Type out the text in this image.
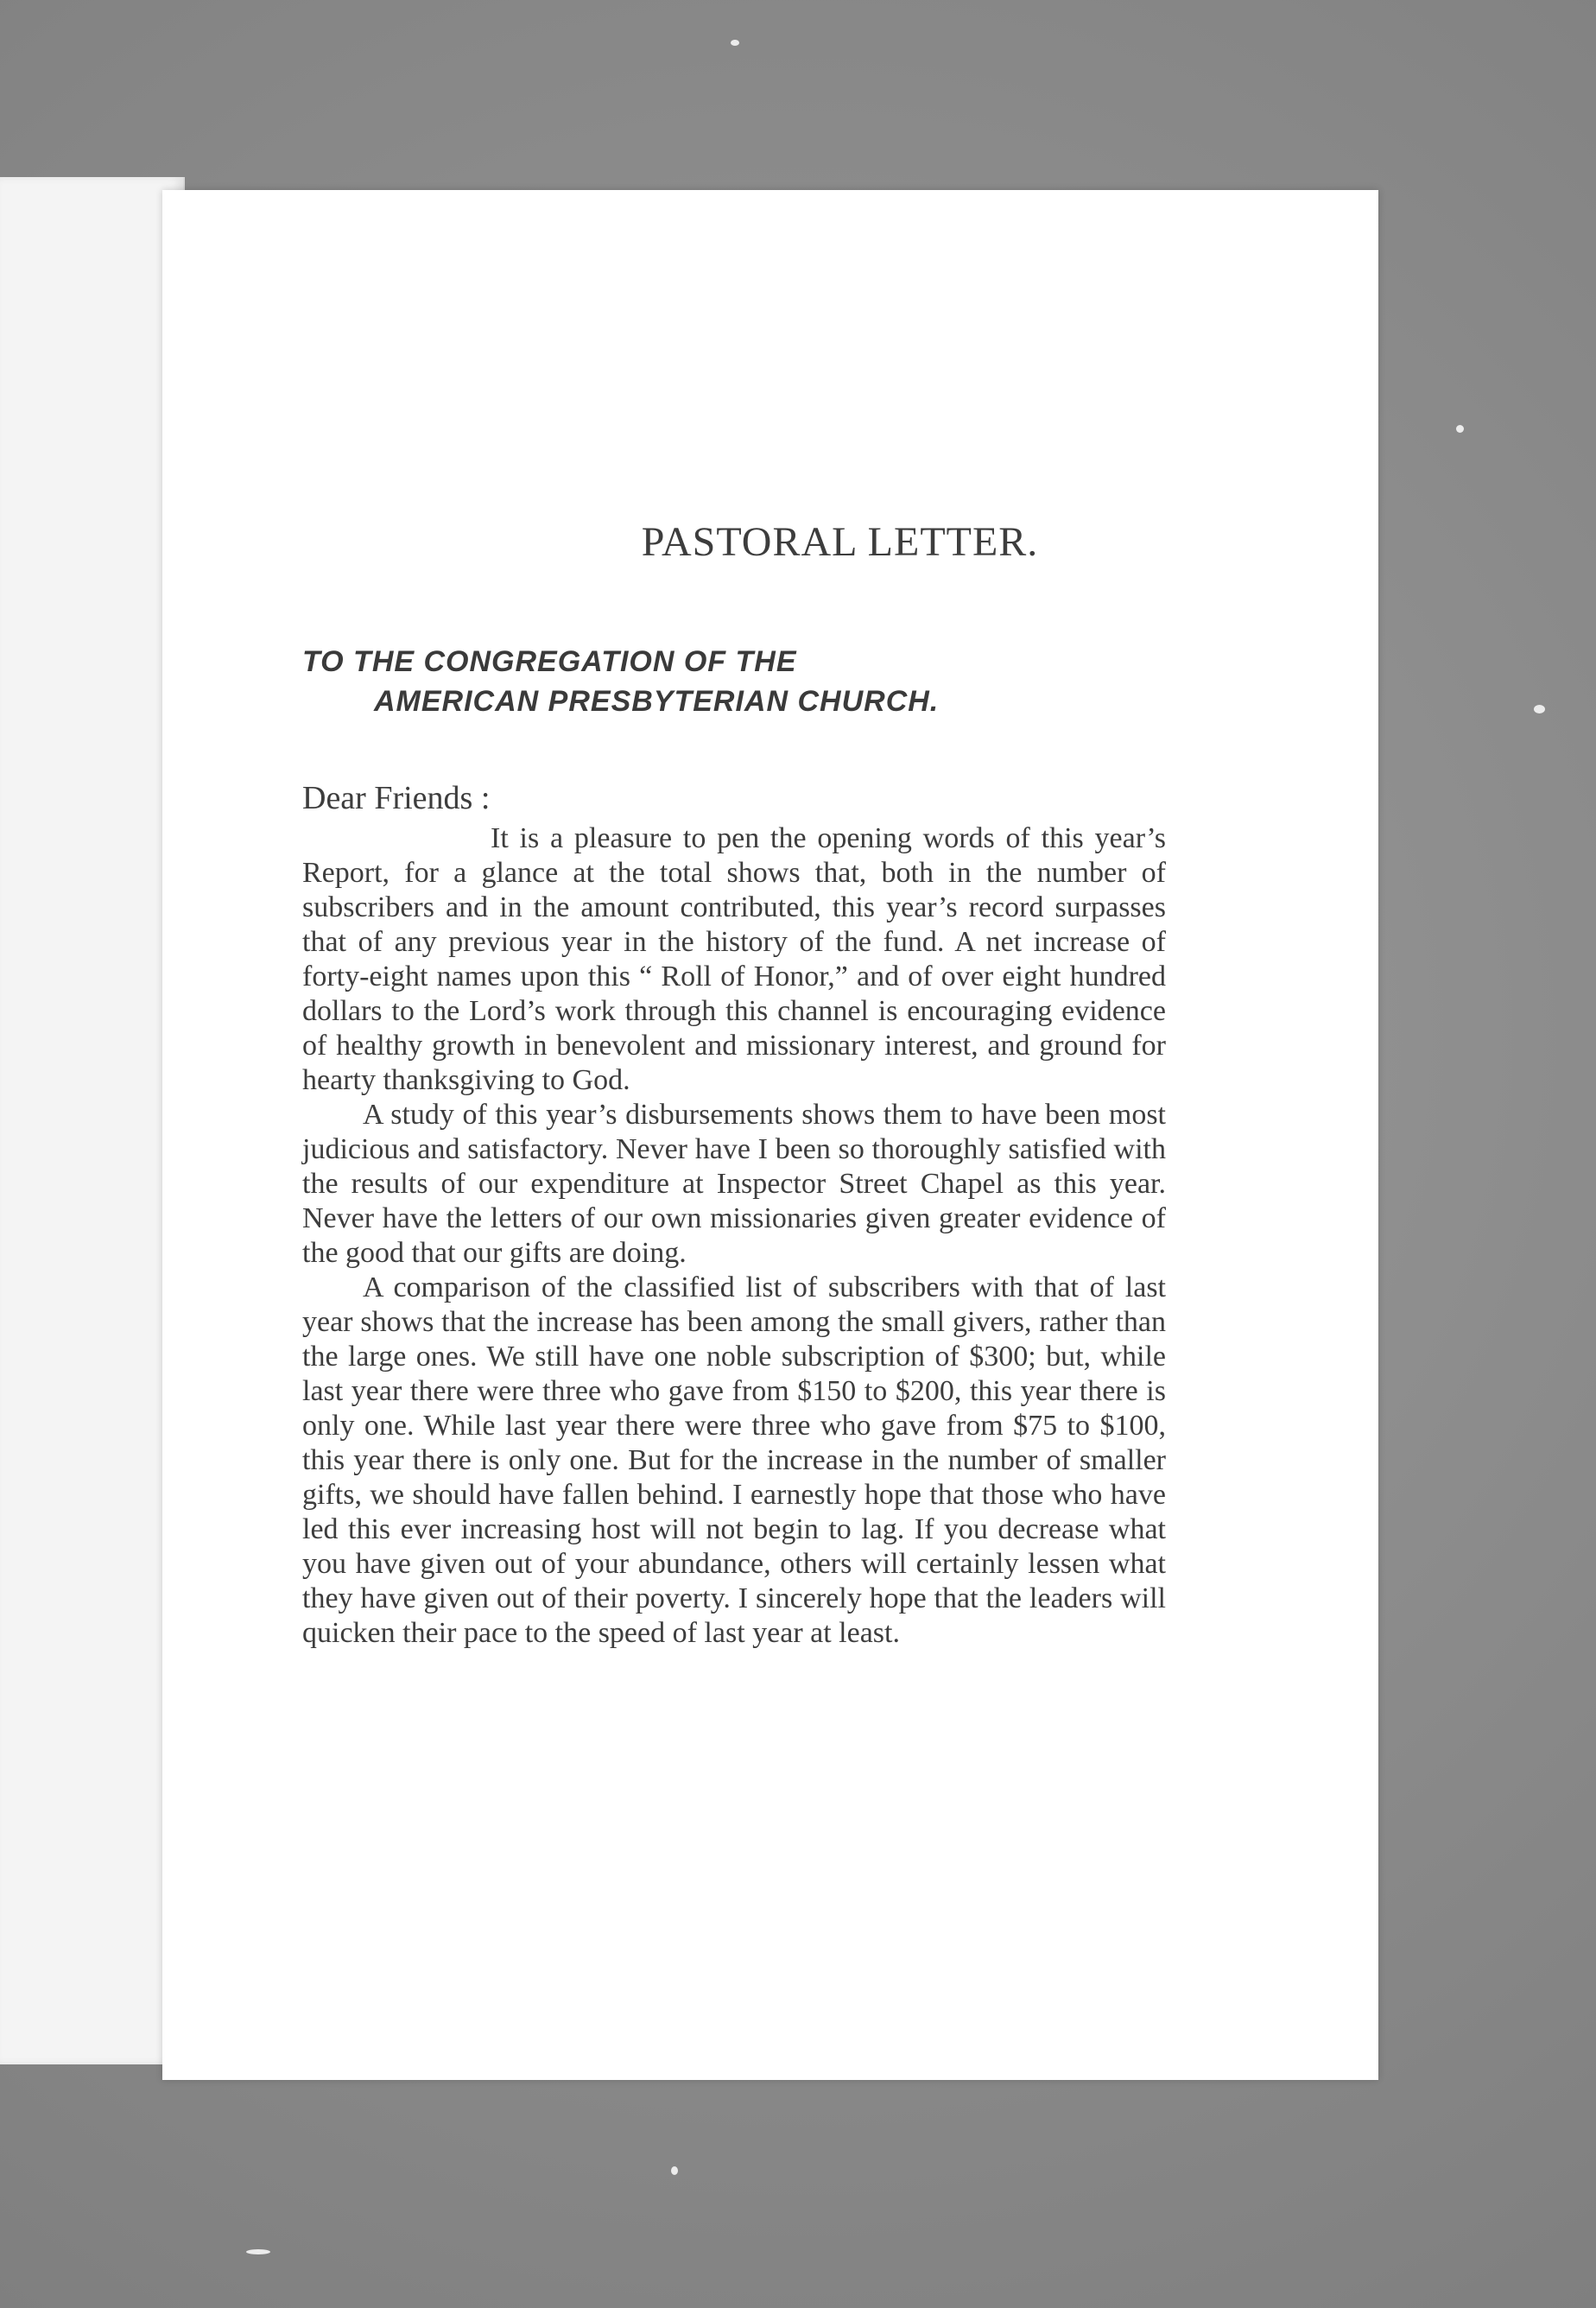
PASTORAL LETTER.
TO THE CONGREGATION OF THE
AMERICAN PRESBYTERIAN CHURCH.
Dear Friends :

It is a pleasure to pen the opening words of this year’s Report, for a glance at the total shows that, both in the number of subscribers and in the amount contributed, this year’s record surpasses that of any previous year in the history of the fund. A net increase of forty-eight names upon this “ Roll of Honor,” and of over eight hundred dollars to the Lord’s work through this channel is encouraging evidence of healthy growth in benevolent and missionary interest, and ground for hearty thanksgiving to God.

A study of this year’s disbursements shows them to have been most judicious and satisfactory. Never have I been so thoroughly satisfied with the results of our expenditure at Inspector Street Chapel as this year. Never have the letters of our own missionaries given greater evidence of the good that our gifts are doing.

A comparison of the classified list of subscribers with that of last year shows that the increase has been among the small givers, rather than the large ones. We still have one noble subscription of $300; but, while last year there were three who gave from $150 to $200, this year there is only one. While last year there were three who gave from $75 to $100, this year there is only one. But for the increase in the number of smaller gifts, we should have fallen behind. I earnestly hope that those who have led this ever increasing host will not begin to lag. If you decrease what you have given out of your abundance, others will certainly lessen what they have given out of their poverty. I sincerely hope that the leaders will quicken their pace to the speed of last year at least.
